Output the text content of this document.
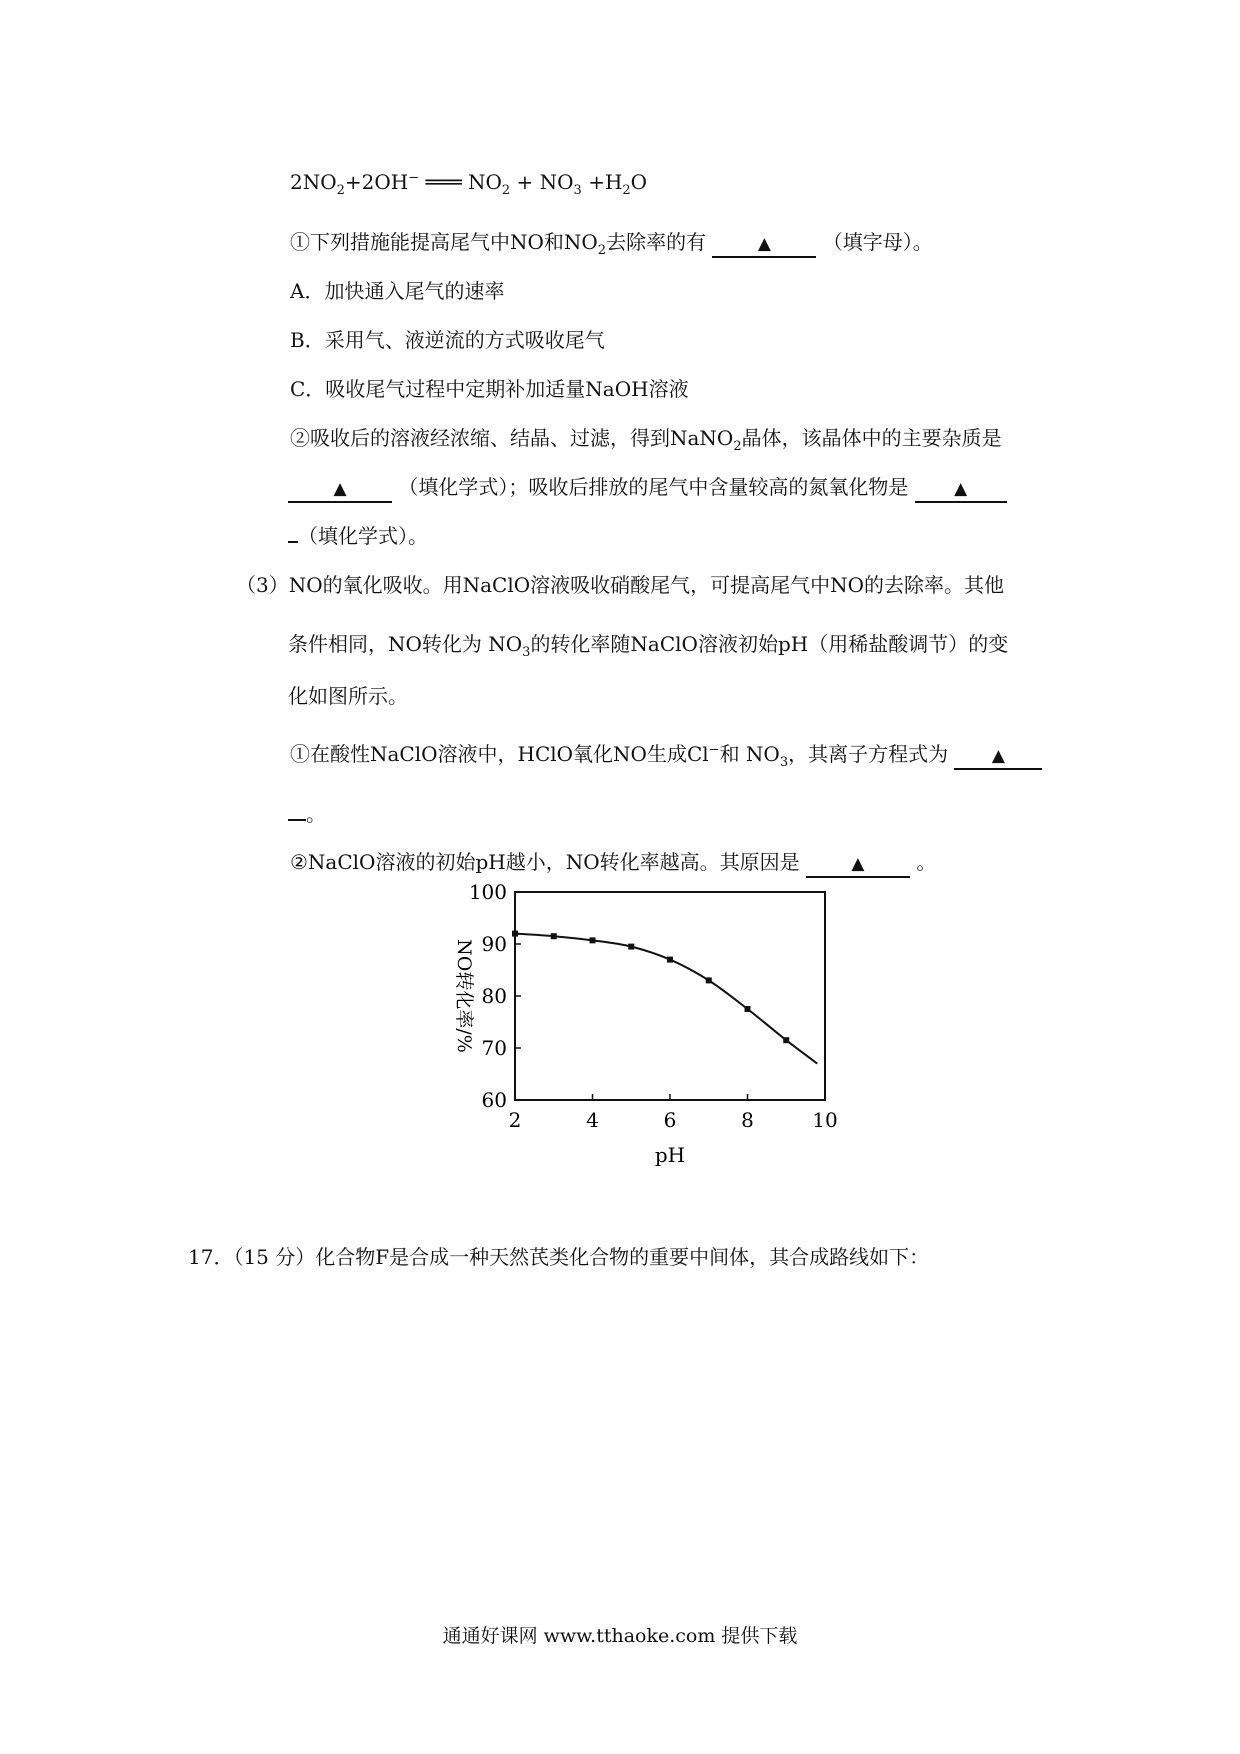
$2NO_2+2OH^-$ ═══ $NO_2 + NO_3 +H_2O$
①下列措施能提高尾气中NO和$NO_2$去除率的有	▲	（填字母）。
A．加快通入尾气的速率
B．采用气、液逆流的方式吸收尾气
C．吸收尾气过程中定期补加适量NaOH溶液
②吸收后的溶液经浓缩、结晶、过滤，得到NaNO$_2$晶体，该晶体中的主要杂质是
▲	（填化学式）；吸收后排放的尾气中含量较高的氮氧化物是	▲
（填化学式）。
（3）NO的氧化吸收。用NaClO溶液吸收硝酸尾气，可提高尾气中NO的去除率。其他
条件相同，NO转化为 $NO_3$的转化率随NaClO溶液初始pH（用稀盐酸调节）的变
化如图所示。
①在酸性NaClO溶液中，HClO氧化NO生成Cl−和 $NO_3$，其离子方程式为	▲
。
②NaClO溶液的初始pH越小，NO转化率越高。其原因是	▲	。
60
70
80
90
100
2	4	6	8	10
NO转化率/%
pH
17．（15 分）化合物F是合成一种天然芪类化合物的重要中间体，其合成路线如下：
通通好课网 www.tthaoke.com 提供下载
